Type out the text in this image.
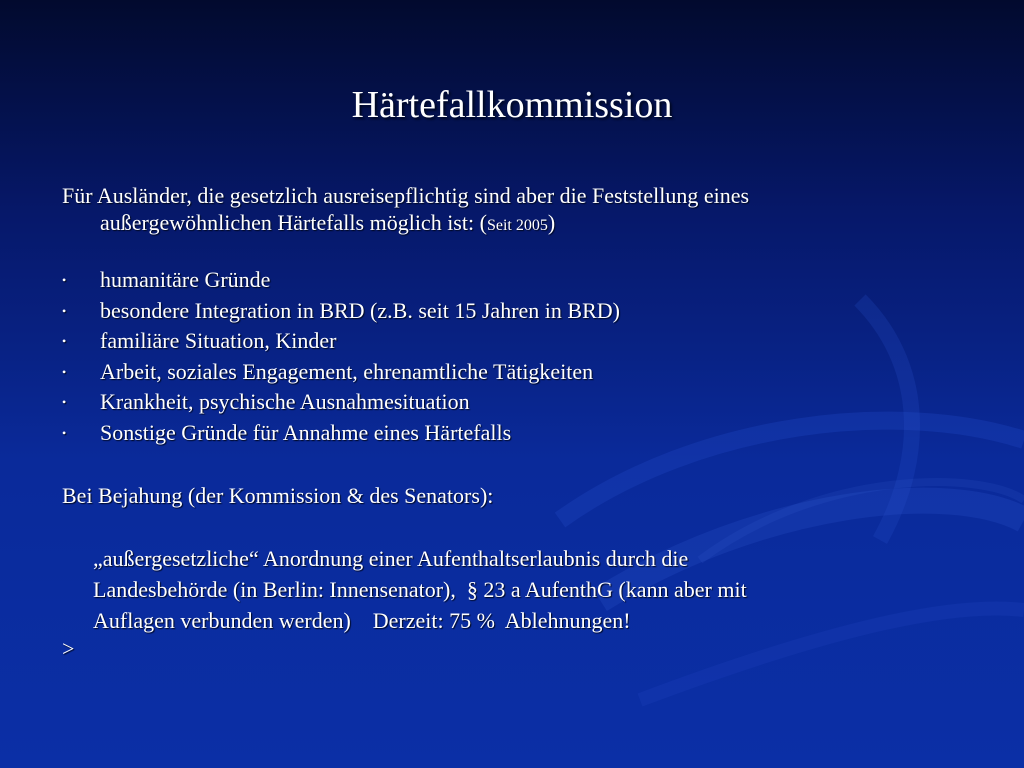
Härtefallkommission
Für Ausländer, die gesetzlich ausreisepflichtig sind aber die Feststellung eines
außergewöhnlichen Härtefalls möglich ist: (Seit 2005)
• humanitäre Gründe
• besondere Integration in BRD (z.B. seit 15 Jahren in BRD)
• familiäre Situation, Kinder
• Arbeit, soziales Engagement, ehrenamtliche Tätigkeiten
• Krankheit, psychische Ausnahmesituation
• Sonstige Gründe für Annahme eines Härtefalls
Bei Bejahung (der Kommission & des Senators):
„außergesetzliche“ Anordnung einer Aufenthaltserlaubnis durch die
Landesbehörde (in Berlin: Innensenator),  § 23 a AufenthG (kann aber mit
Auflagen verbunden werden)    Derzeit: 75 %  Ablehnungen!
>
